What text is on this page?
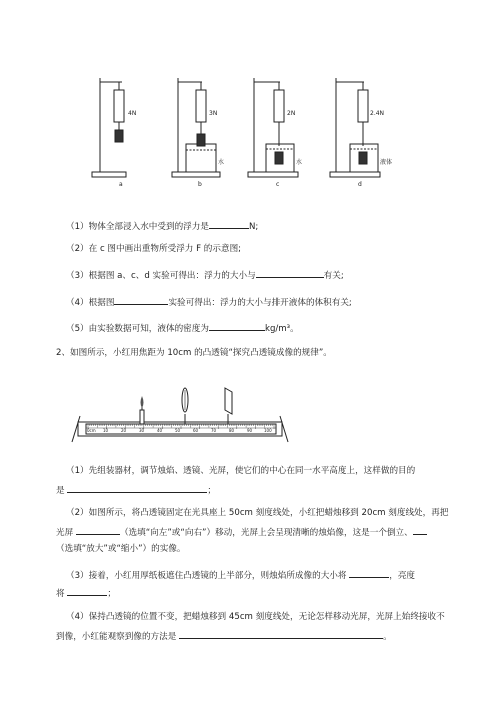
4N	3N	2N	2.4N
水	水	液体
a	b	c	d
（1）物体全部浸入水中受到的浮力是	N;
（2）在 c 图中画出重物所受浮力 F 的示意图;
（3）根据图 a、c、d 实验可得出：浮力的大小与	有关;
（4）根据图	实验可得出：浮力的大小与排开液体的体积有关;
（5）由实验数据可知，液体的密度为	kg/m³。
2、如图所示，小红用焦距为 10cm 的凸透镜“探究凸透镜成像的规律”。
0cm 10	20	30	40	50	60	70	80	90	100
（1）先组装器材，调节烛焰、透镜、光屏，使它们的中心在同一水平高度上，这样做的目的
是	；
（2）如图所示，将凸透镜固定在光具座上 50cm 刻度线处，小红把蜡烛移到 20cm 刻度线处，再把
光屏	（选填“向左”或“向右”）移动，光屏上会呈现清晰的烛焰像，这是一个倒立、
（选填“放大”或“缩小”）的实像。
（3）接着，小红用厚纸板遮住凸透镜的上半部分，则烛焰所成像的大小将	，亮度
将	；
（4）保持凸透镜的位置不变，把蜡烛移到 45cm 刻度线处，无论怎样移动光屏，光屏上始终接收不
到像，小红能观察到像的方法是	。
